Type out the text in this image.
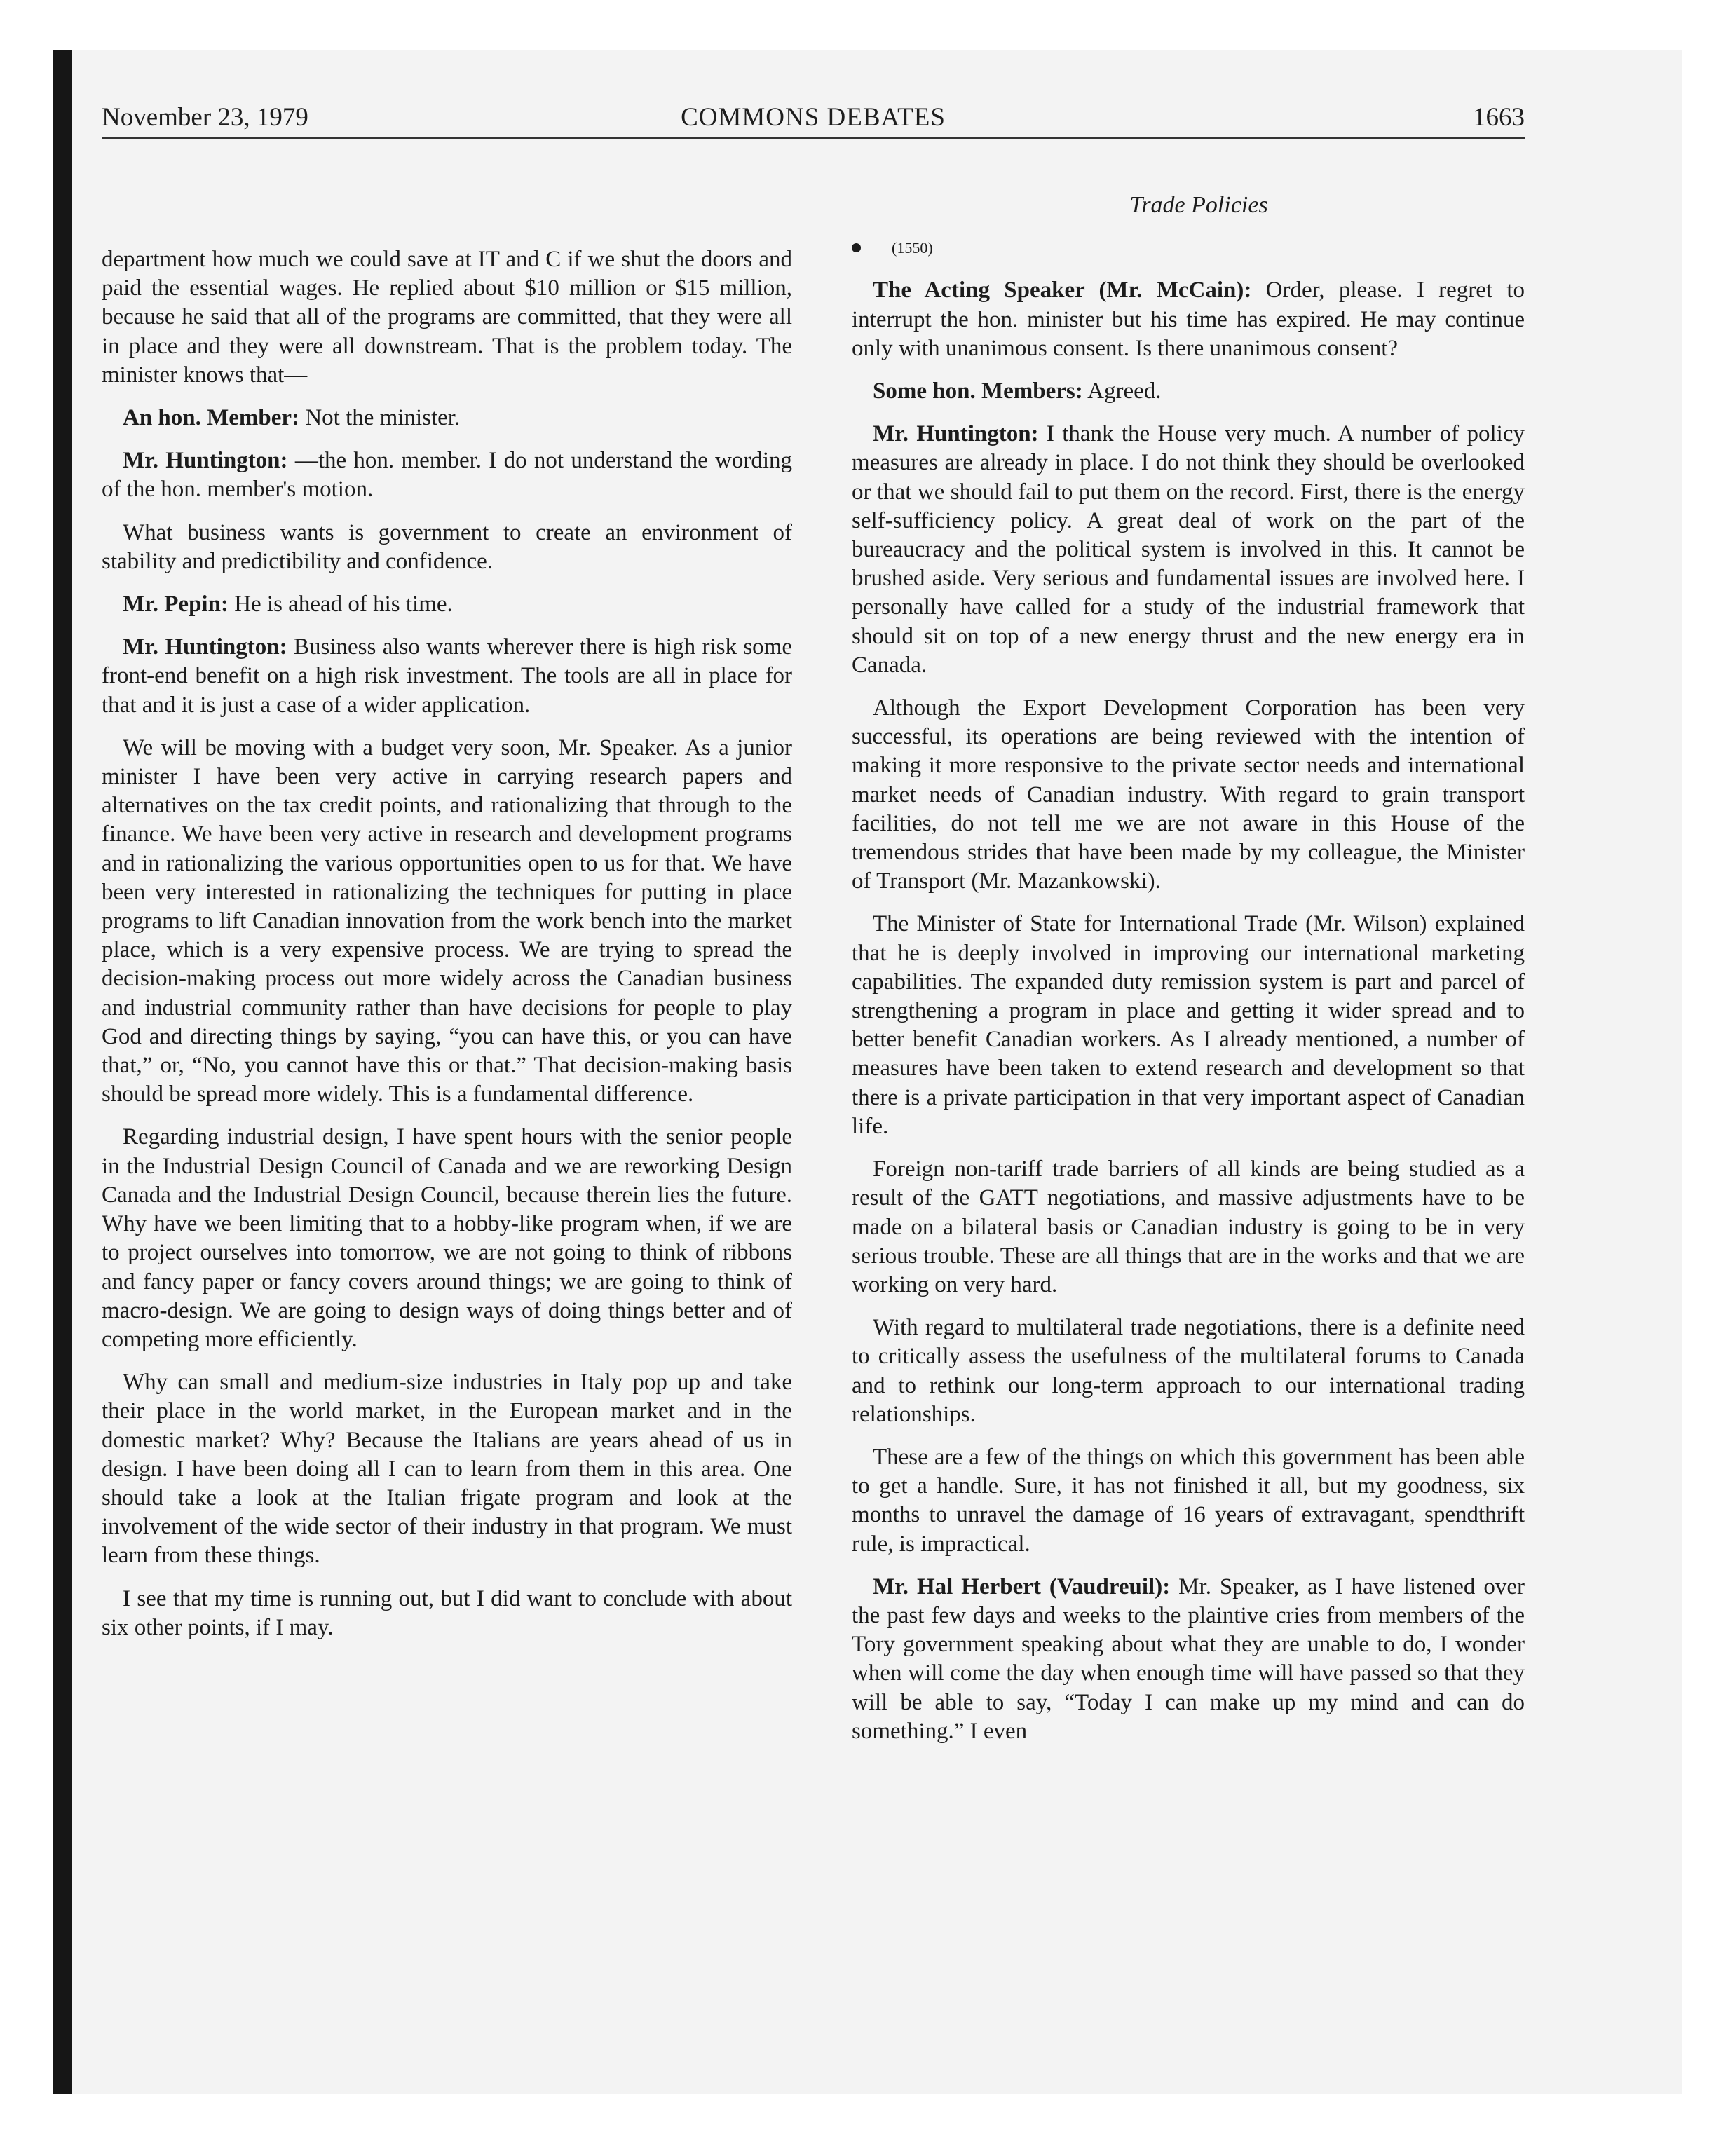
November 23, 1979	COMMONS DEBATES	1663

department how much we could save at IT and C if we shut the doors and paid the essential wages. He replied about $10 million or $15 million, because he said that all of the programs are committed, that they were all in place and they were all downstream. That is the problem today. The minister knows that—

An hon. Member: Not the minister.

Mr. Huntington: —the hon. member. I do not understand the wording of the hon. member's motion.

What business wants is government to create an environment of stability and predictibility and confidence.

Mr. Pepin: He is ahead of his time.

Mr. Huntington: Business also wants wherever there is high risk some front-end benefit on a high risk investment. The tools are all in place for that and it is just a case of a wider application.

We will be moving with a budget very soon, Mr. Speaker. As a junior minister I have been very active in carrying research papers and alternatives on the tax credit points, and rationalizing that through to the finance. We have been very active in research and development programs and in rationalizing the various opportunities open to us for that. We have been very interested in rationalizing the techniques for putting in place programs to lift Canadian innovation from the work bench into the market place, which is a very expensive process. We are trying to spread the decision-making process out more widely across the Canadian business and industrial community rather than have decisions for people to play God and directing things by saying, “you can have this, or you can have that,” or, “No, you cannot have this or that.” That decision-making basis should be spread more widely. This is a fundamental difference.

Regarding industrial design, I have spent hours with the senior people in the Industrial Design Council of Canada and we are reworking Design Canada and the Industrial Design Council, because therein lies the future. Why have we been limiting that to a hobby-like program when, if we are to project ourselves into tomorrow, we are not going to think of ribbons and fancy paper or fancy covers around things; we are going to think of macro-design. We are going to design ways of doing things better and of competing more efficiently.

Why can small and medium-size industries in Italy pop up and take their place in the world market, in the European market and in the domestic market? Why? Because the Italians are years ahead of us in design. I have been doing all I can to learn from them in this area. One should take a look at the Italian frigate program and look at the involvement of the wide sector of their industry in that program. We must learn from these things.

I see that my time is running out, but I did want to conclude with about six other points, if I may.

Trade Policies

(1550)

The Acting Speaker (Mr. McCain): Order, please. I regret to interrupt the hon. minister but his time has expired. He may continue only with unanimous consent. Is there unanimous consent?

Some hon. Members: Agreed.

Mr. Huntington: I thank the House very much. A number of policy measures are already in place. I do not think they should be overlooked or that we should fail to put them on the record. First, there is the energy self-sufficiency policy. A great deal of work on the part of the bureaucracy and the political system is involved in this. It cannot be brushed aside. Very serious and fundamental issues are involved here. I personally have called for a study of the industrial framework that should sit on top of a new energy thrust and the new energy era in Canada.

Although the Export Development Corporation has been very successful, its operations are being reviewed with the intention of making it more responsive to the private sector needs and international market needs of Canadian industry. With regard to grain transport facilities, do not tell me we are not aware in this House of the tremendous strides that have been made by my colleague, the Minister of Transport (Mr. Mazankowski).

The Minister of State for International Trade (Mr. Wilson) explained that he is deeply involved in improving our international marketing capabilities. The expanded duty remission system is part and parcel of strengthening a program in place and getting it wider spread and to better benefit Canadian workers. As I already mentioned, a number of measures have been taken to extend research and development so that there is a private participation in that very important aspect of Canadian life.

Foreign non-tariff trade barriers of all kinds are being studied as a result of the GATT negotiations, and massive adjustments have to be made on a bilateral basis or Canadian industry is going to be in very serious trouble. These are all things that are in the works and that we are working on very hard.

With regard to multilateral trade negotiations, there is a definite need to critically assess the usefulness of the multilateral forums to Canada and to rethink our long-term approach to our international trading relationships.

These are a few of the things on which this government has been able to get a handle. Sure, it has not finished it all, but my goodness, six months to unravel the damage of 16 years of extravagant, spendthrift rule, is impractical.

Mr. Hal Herbert (Vaudreuil): Mr. Speaker, as I have listened over the past few days and weeks to the plaintive cries from members of the Tory government speaking about what they are unable to do, I wonder when will come the day when enough time will have passed so that they will be able to say, “Today I can make up my mind and can do something.” I even
